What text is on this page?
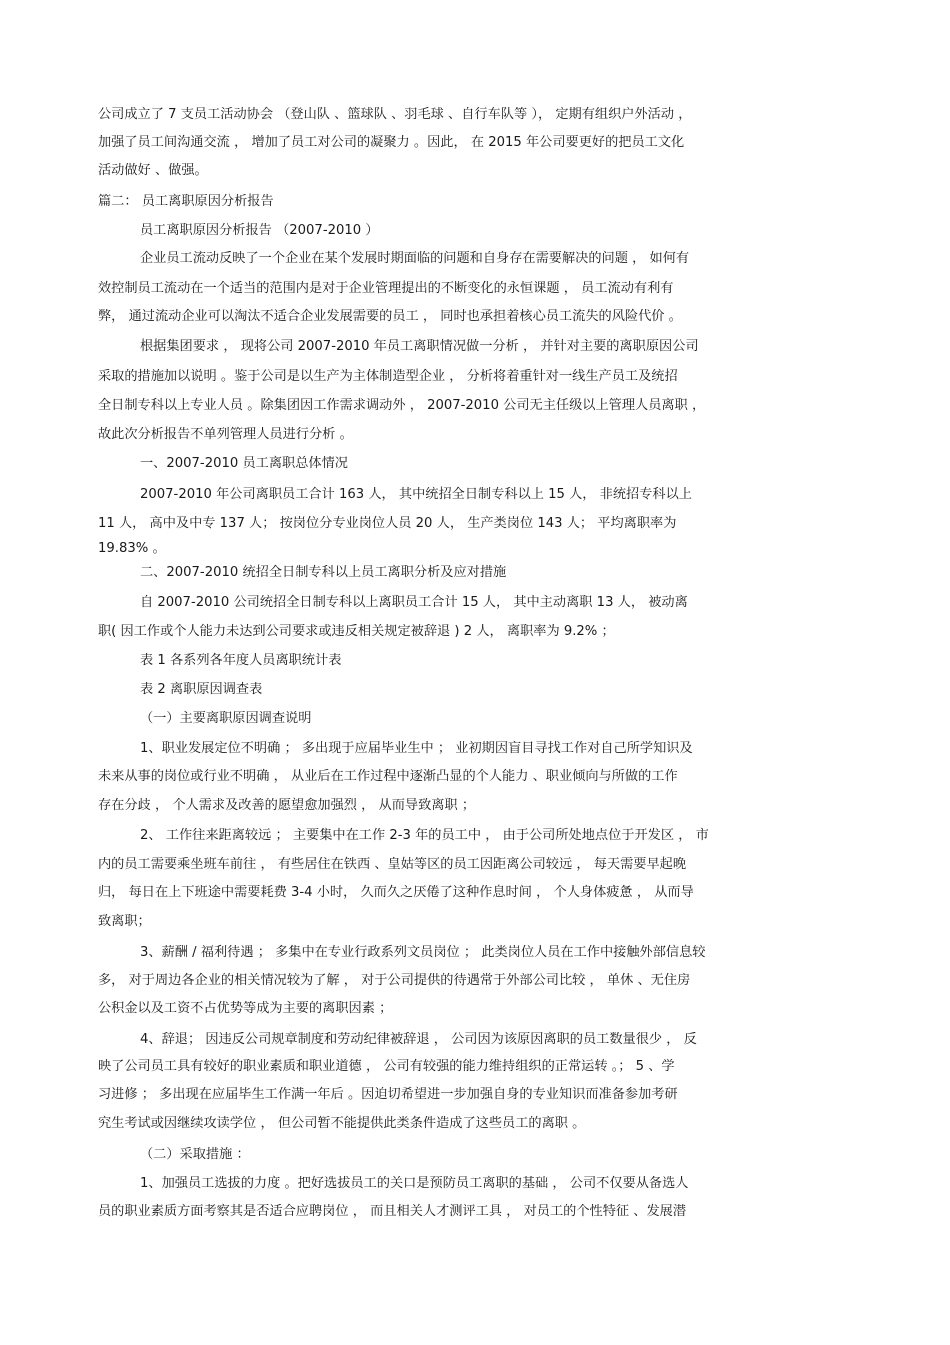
公司成立了 7 支员工活动协会 （登山队 、篮球队 、羽毛球 、自行车队等 ）， 定期有组织户外活动 ，
加强了员工间沟通交流 ， 增加了员工对公司的凝聚力 。因此， 在 2015 年公司要更好的把员工文化
活动做好 、做强。
篇二： 员工离职原因分析报告
员工离职原因分析报告 （2007-2010 ）
企业员工流动反映了一个企业在某个发展时期面临的问题和自身存在需要解决的问题 ， 如何有
效控制员工流动在一个适当的范围内是对于企业管理提出的不断变化的永恒课题 ， 员工流动有利有
弊， 通过流动企业可以淘汰不适合企业发展需要的员工 ， 同时也承担着核心员工流失的风险代价 。
根据集团要求 ， 现将公司 2007-2010 年员工离职情况做一分析 ， 并针对主要的离职原因公司
采取的措施加以说明 。鉴于公司是以生产为主体制造型企业 ， 分析将着重针对一线生产员工及统招
全日制专科以上专业人员 。除集团因工作需求调动外 ， 2007-2010 公司无主任级以上管理人员离职 ，
故此次分析报告不单列管理人员进行分析 。
一、2007-2010 员工离职总体情况
2007-2010 年公司离职员工合计 163 人， 其中统招全日制专科以上 15 人， 非统招专科以上
11 人， 高中及中专 137 人； 按岗位分专业岗位人员 20 人， 生产类岗位 143 人； 平均离职率为
19.83% 。
二、2007-2010 统招全日制专科以上员工离职分析及应对措施
自 2007-2010 公司统招全日制专科以上离职员工合计 15 人， 其中主动离职 13 人， 被动离
职( 因工作或个人能力未达到公司要求或违反相关规定被辞退 ) 2 人， 离职率为 9.2% ；
表 1 各系列各年度人员离职统计表
表 2 离职原因调查表
（一）主要离职原因调查说明
1、职业发展定位不明确 ； 多出现于应届毕业生中 ； 业初期因盲目寻找工作对自己所学知识及
未来从事的岗位或行业不明确 ， 从业后在工作过程中逐渐凸显的个人能力 、职业倾向与所做的工作
存在分歧 ， 个人需求及改善的愿望愈加强烈 ， 从而导致离职 ；
2、 工作往来距离较远 ； 主要集中在工作 2-3 年的员工中 ， 由于公司所处地点位于开发区 ， 市
内的员工需要乘坐班车前往 ， 有些居住在铁西 、皇姑等区的员工因距离公司较远 ， 每天需要早起晚
归， 每日在上下班途中需要耗费 3-4 小时， 久而久之厌倦了这种作息时间 ， 个人身体疲惫 ， 从而导
致离职；
3、薪酬 / 福利待遇 ； 多集中在专业行政系列文员岗位 ； 此类岗位人员在工作中接触外部信息较
多， 对于周边各企业的相关情况较为了解 ， 对于公司提供的待遇常于外部公司比较 ， 单休 、无住房
公积金以及工资不占优势等成为主要的离职因素 ；
4、辞退； 因违反公司规章制度和劳动纪律被辞退 ， 公司因为该原因离职的员工数量很少 ， 反
映了公司员工具有较好的职业素质和职业道德 ， 公司有较强的能力维持组织的正常运转 。； 5 、学
习进修 ； 多出现在应届毕生工作满一年后 。因迫切希望进一步加强自身的专业知识而准备参加考研
究生考试或因继续攻读学位 ， 但公司暂不能提供此类条件造成了这些员工的离职 。
（二）采取措施 ：
1、加强员工选拔的力度 。把好选拔员工的关口是预防员工离职的基础 ， 公司不仅要从备选人
员的职业素质方面考察其是否适合应聘岗位 ， 而且相关人才测评工具 ， 对员工的个性特征 、发展潜
